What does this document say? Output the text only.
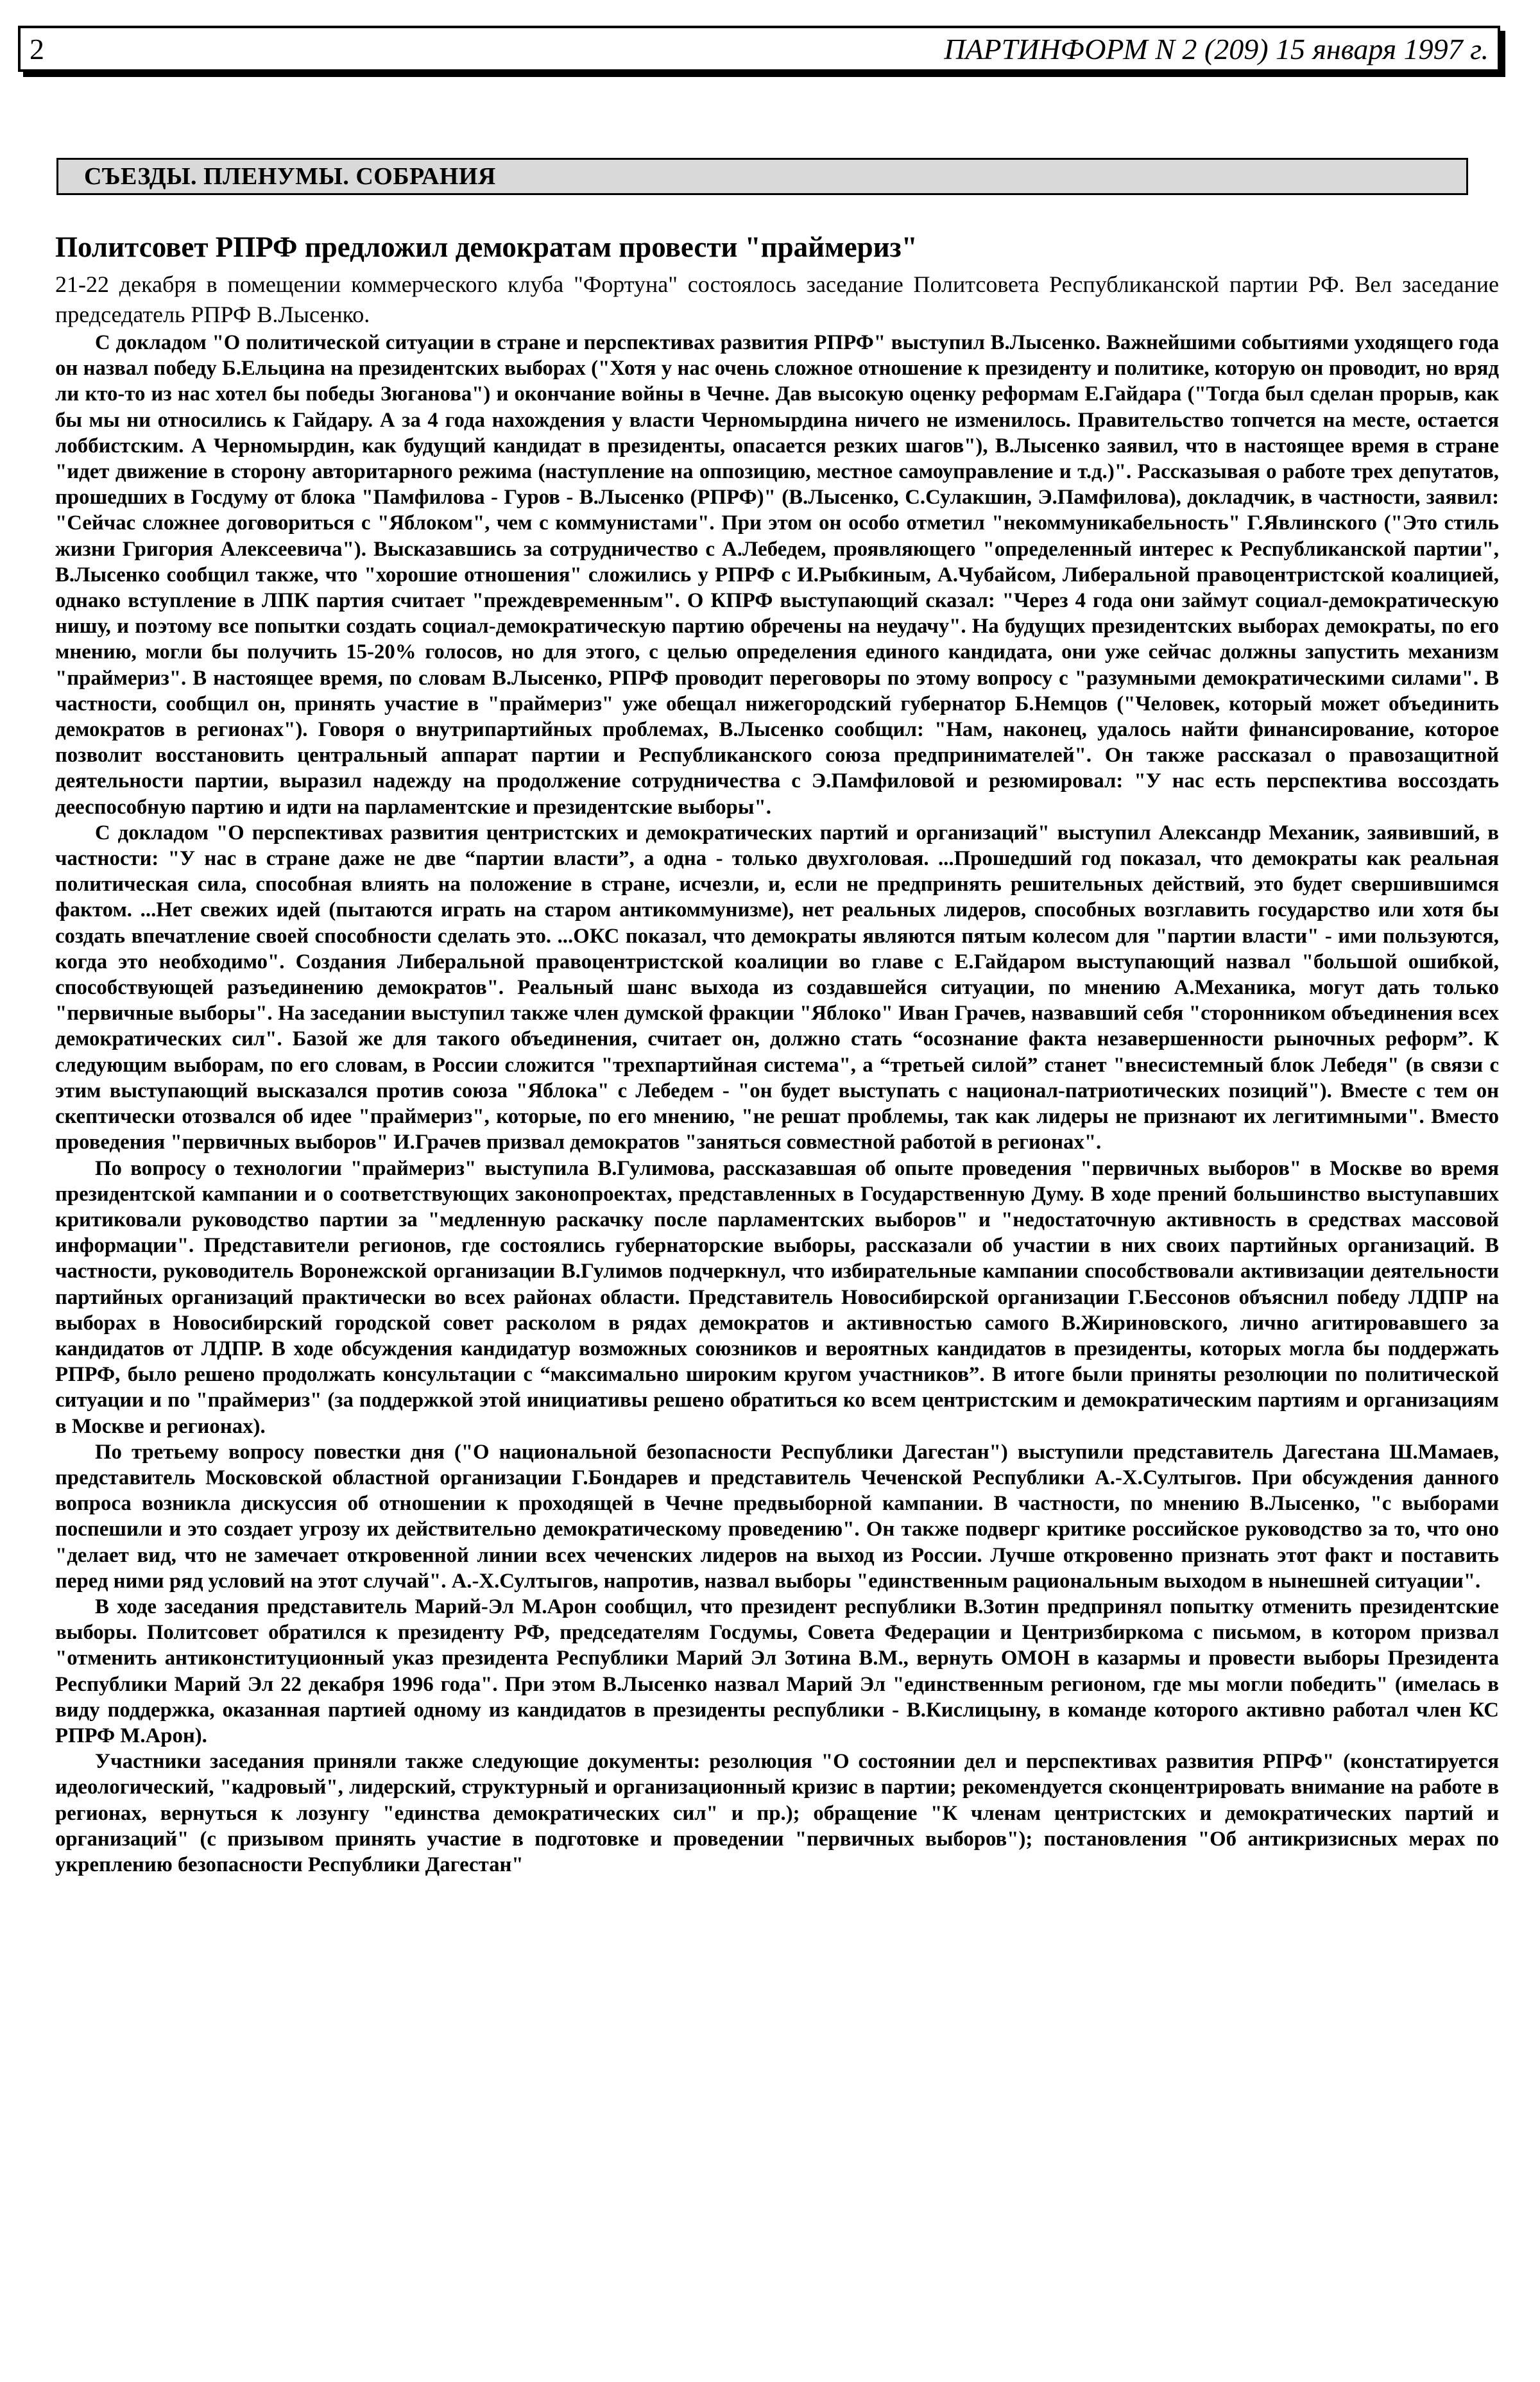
2	ПАРТИНФОРМ N 2 (209) 15 января 1997 г.
СЪЕЗДЫ. ПЛЕНУМЫ. СОБРАНИЯ
Политсовет РПРФ предложил демократам провести "праймериз"

21-22 декабря в помещении коммерческого клуба "Фортуна" состоялось заседание Политсовета Республиканской партии РФ. Вел заседание председатель РПРФ В.Лысенко.

С докладом "О политической ситуации в стране и перспективах развития РПРФ" выступил В.Лысенко. Важнейшими событиями уходящего года он назвал победу Б.Ельцина на президентских выборах ("Хотя у нас очень сложное отношение к президенту и политике, которую он проводит, но вряд ли кто-то из нас хотел бы победы Зюганова") и окончание войны в Чечне. Дав высокую оценку реформам Е.Гайдара ("Тогда был сделан прорыв, как бы мы ни относились к Гайдару. А за 4 года нахождения у власти Черномырдина ничего не изменилось. Правительство топчется на месте, остается лоббистским. А Черномырдин, как будущий кандидат в президенты, опасается резких шагов"), В.Лысенко заявил, что в настоящее время в стране "идет движение в сторону авторитарного режима (наступление на оппозицию, местное самоуправление и т.д.)". Рассказывая о работе трех депутатов, прошедших в Госдуму от блока "Памфилова - Гуров - В.Лысенко (РПРФ)" (В.Лысенко, С.Сулакшин, Э.Памфилова), докладчик, в частности, заявил: "Сейчас сложнее договориться с "Яблоком", чем с коммунистами". При этом он особо отметил "некоммуникабельность" Г.Явлинского ("Это стиль жизни Григория Алексеевича"). Высказавшись за сотрудничество с А.Лебедем, проявляющего "определенный интерес к Республиканской партии", В.Лысенко сообщил также, что "хорошие отношения" сложились у РПРФ с И.Рыбкиным, А.Чубайсом, Либеральной правоцентристской коалицией, однако вступление в ЛПК партия считает "преждевременным". О КПРФ выступающий сказал: "Через 4 года они займут социал-демократическую нишу, и поэтому все попытки создать социал-демократическую партию обречены на неудачу". На будущих президентских выборах демократы, по его мнению, могли бы получить 15-20% голосов, но для этого, с целью определения единого кандидата, они уже сейчас должны запустить механизм "праймериз". В настоящее время, по словам В.Лысенко, РПРФ проводит переговоры по этому вопросу с "разумными демократическими силами". В частности, сообщил он, принять участие в "праймериз" уже обещал нижегородский губернатор Б.Немцов ("Человек, который может объединить демократов в регионах"). Говоря о внутрипартийных проблемах, В.Лысенко сообщил: "Нам, наконец, удалось найти финансирование, которое позволит восстановить центральный аппарат партии и Республиканского союза предпринимателей". Он также рассказал о правозащитной деятельности партии, выразил надежду на продолжение сотрудничества с Э.Памфиловой и резюмировал: "У нас есть перспектива воссоздать дееспособную партию и идти на парламентские и президентские выборы".

С докладом "О перспективах развития центристских и демократических партий и организаций" выступил Александр Механик, заявивший, в частности: "У нас в стране даже не две “партии власти”, а одна - только двухголовая. ...Прошедший год показал, что демократы как реальная политическая сила, способная влиять на положение в стране, исчезли, и, если не предпринять решительных действий, это будет свершившимся фактом. ...Нет свежих идей (пытаются играть на старом антикоммунизме), нет реальных лидеров, способных возглавить государство или хотя бы создать впечатление своей способности сделать это. ...ОКС показал, что демократы являются пятым колесом для "партии власти" - ими пользуются, когда это необходимо". Создания Либеральной правоцентристской коалиции во главе с Е.Гайдаром выступающий назвал "большой ошибкой, способствующей разъединению демократов". Реальный шанс выхода из создавшейся ситуации, по мнению А.Механика, могут дать только "первичные выборы". На заседании выступил также член думской фракции "Яблоко" Иван Грачев, назвавший себя "сторонником объединения всех демократических сил". Базой же для такого объединения, считает он, должно стать “осознание факта незавершенности рыночных реформ”. К следующим выборам, по его словам, в России сложится "трехпартийная система", а “третьей силой” станет "внесистемный блок Лебедя" (в связи с этим выступающий высказался против союза "Яблока" с Лебедем - "он будет выступать с национал-патриотических позиций"). Вместе с тем он скептически отозвался об идее "праймериз", которые, по его мнению, "не решат проблемы, так как лидеры не признают их легитимными". Вместо проведения "первичных выборов" И.Грачев призвал демократов "заняться совместной работой в регионах".

По вопросу о технологии "праймериз" выступила В.Гулимова, рассказавшая об опыте проведения "первичных выборов" в Москве во время президентской кампании и о соответствующих законопроектах, представленных в Государственную Думу. В ходе прений большинство выступавших критиковали руководство партии за "медленную раскачку после парламентских выборов" и "недостаточную активность в средствах массовой информации". Представители регионов, где состоялись губернаторские выборы, рассказали об участии в них своих партийных организаций. В частности, руководитель Воронежской организации В.Гулимов подчеркнул, что избирательные кампании способствовали активизации деятельности партийных организаций практически во всех районах области. Представитель Новосибирской организации Г.Бессонов объяснил победу ЛДПР на выборах в Новосибирский городской совет расколом в рядах демократов и активностью самого В.Жириновского, лично агитировавшего за кандидатов от ЛДПР. В ходе обсуждения кандидатур возможных союзников и вероятных кандидатов в президенты, которых могла бы поддержать РПРФ, было решено продолжать консультации с “максимально широким кругом участников”. В итоге были приняты резолюции по политической ситуации и по "праймериз" (за поддержкой этой инициативы решено обратиться ко всем центристским и демократическим партиям и организациям в Москве и регионах).

По третьему вопросу повестки дня ("О национальной безопасности Республики Дагестан") выступили представитель Дагестана Ш.Мамаев, представитель Московской областной организации Г.Бондарев и представитель Чеченской Республики А.-Х.Султыгов. При обсуждения данного вопроса возникла дискуссия об отношении к проходящей в Чечне предвыборной кампании. В частности, по мнению В.Лысенко, "с выборами поспешили и это создает угрозу их действительно демократическому проведению". Он также подверг критике российское руководство за то, что оно "делает вид, что не замечает откровенной линии всех чеченских лидеров на выход из России. Лучше откровенно признать этот факт и поставить перед ними ряд условий на этот случай". А.-Х.Султыгов, напротив, назвал выборы "единственным рациональным выходом в нынешней ситуации".

В ходе заседания представитель Марий-Эл М.Арон сообщил, что президент республики В.Зотин предпринял попытку отменить президентские выборы. Политсовет обратился к президенту РФ, председателям Госдумы, Совета Федерации и Центризбиркома с письмом, в котором призвал "отменить антиконституционный указ президента Республики Марий Эл Зотина В.М., вернуть ОМОН в казармы и провести выборы Президента Республики Марий Эл 22 декабря 1996 года". При этом В.Лысенко назвал Марий Эл "единственным регионом, где мы могли победить" (имелась в виду поддержка, оказанная партией одному из кандидатов в президенты республики - В.Кислицыну, в команде которого активно работал член КС РПРФ М.Арон).

Участники заседания приняли также следующие документы: резолюция "О состоянии дел и перспективах развития РПРФ" (констатируется идеологический, "кадровый", лидерский, структурный и организационный кризис в партии; рекомендуется сконцентрировать внимание на работе в регионах, вернуться к лозунгу "единства демократических сил" и пр.); обращение "К членам центристских и демократических партий и организаций" (с призывом принять участие в подготовке и проведении "первичных выборов"); постановления "Об антикризисных мерах по укреплению безопасности Республики Дагестан"
